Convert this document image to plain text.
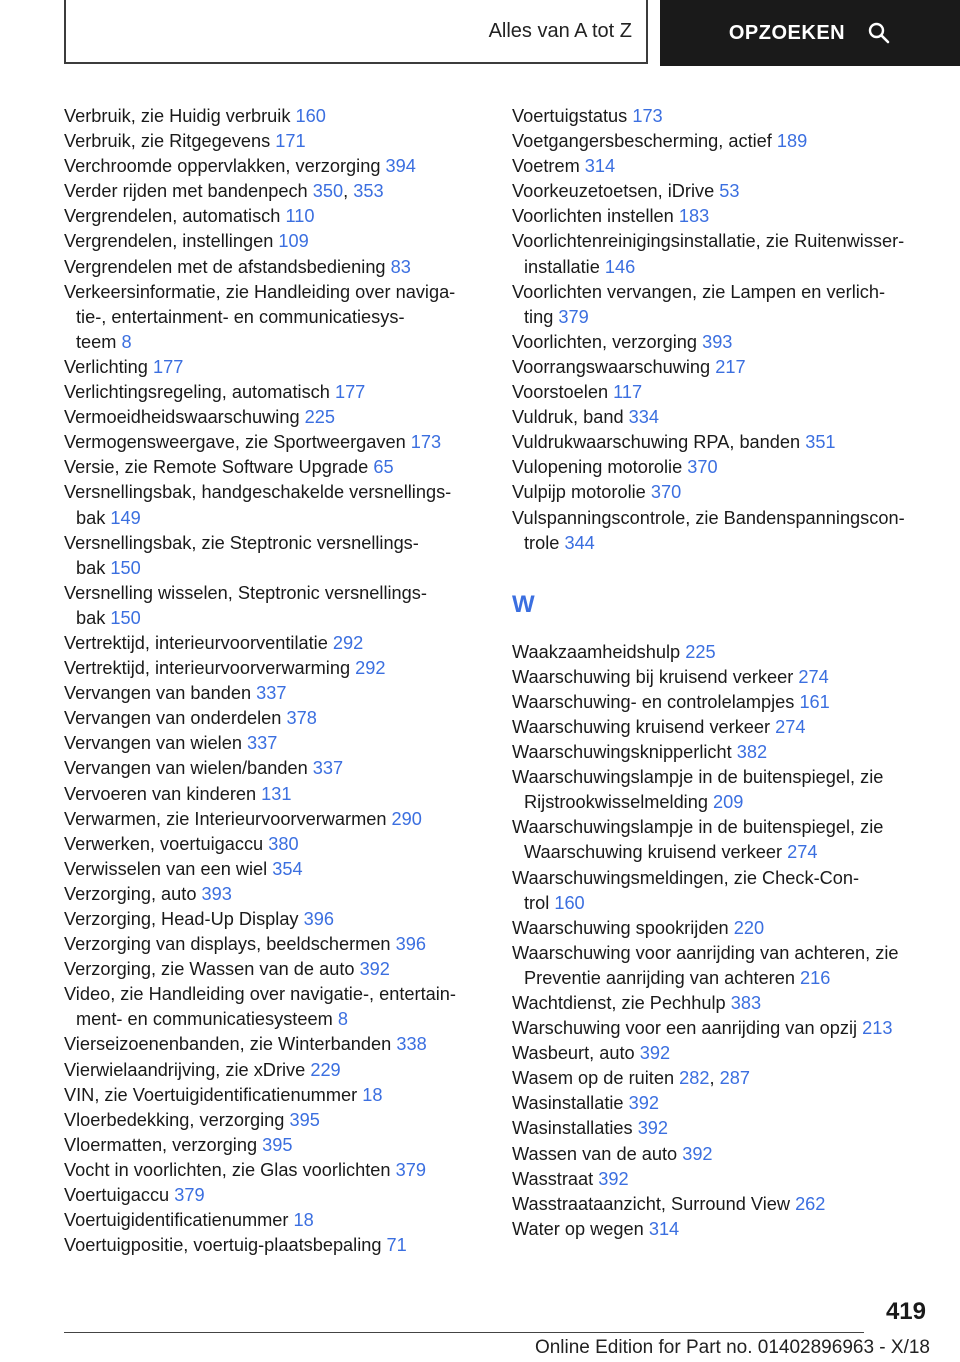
Alles van A tot Z	OPZOEKEN
Verbruik, zie Huidig verbruik 160
Verbruik, zie Ritgegevens 171
Verchroomde oppervlakken, verzorging 394
Verder rijden met bandenpech 350, 353
Vergrendelen, automatisch 110
Vergrendelen, instellingen 109
Vergrendelen met de afstandsbediening 83
Verkeersinformatie, zie Handleiding over naviga-
tie-, entertainment- en communicatiesys-
teem 8
Verlichting 177
Verlichtingsregeling, automatisch 177
Vermoeidheidswaarschuwing 225
Vermogensweergave, zie Sportweergaven 173
Versie, zie Remote Software Upgrade 65
Versnellingsbak, handgeschakelde versnellings-
bak 149
Versnellingsbak, zie Steptronic versnellings-
bak 150
Versnelling wisselen, Steptronic versnellings-
bak 150
Vertrektijd, interieurvoorventilatie 292
Vertrektijd, interieurvoorverwarming 292
Vervangen van banden 337
Vervangen van onderdelen 378
Vervangen van wielen 337
Vervangen van wielen/banden 337
Vervoeren van kinderen 131
Verwarmen, zie Interieurvoorverwarmen 290
Verwerken, voertuigaccu 380
Verwisselen van een wiel 354
Verzorging, auto 393
Verzorging, Head-Up Display 396
Verzorging van displays, beeldschermen 396
Verzorging, zie Wassen van de auto 392
Video, zie Handleiding over navigatie-, entertain-
ment- en communicatiesysteem 8
Vierseizoenenbanden, zie Winterbanden 338
Vierwielaandrijving, zie xDrive 229
VIN, zie Voertuigidentificatienummer 18
Vloerbedekking, verzorging 395
Vloermatten, verzorging 395
Vocht in voorlichten, zie Glas voorlichten 379
Voertuigaccu 379
Voertuigidentificatienummer 18
Voertuigpositie, voertuig-plaatsbepaling 71
Voertuigstatus 173
Voetgangersbescherming, actief 189
Voetrem 314
Voorkeuzetoetsen, iDrive 53
Voorlichten instellen 183
Voorlichtenreinigingsinstallatie, zie Ruitenwisser-
installatie 146
Voorlichten vervangen, zie Lampen en verlich-
ting 379
Voorlichten, verzorging 393
Voorrangswaarschuwing 217
Voorstoelen 117
Vuldruk, band 334
Vuldrukwaarschuwing RPA, banden 351
Vulopening motorolie 370
Vulpijp motorolie 370
Vulspanningscontrole, zie Bandenspanningscon-
trole 344
W
Waakzaamheidshulp 225
Waarschuwing bij kruisend verkeer 274
Waarschuwing- en controlelampjes 161
Waarschuwing kruisend verkeer 274
Waarschuwingsknipperlicht 382
Waarschuwingslampje in de buitenspiegel, zie
Rijstrookwisselmelding 209
Waarschuwingslampje in de buitenspiegel, zie
Waarschuwing kruisend verkeer 274
Waarschuwingsmeldingen, zie Check-Con-
trol 160
Waarschuwing spookrijden 220
Waarschuwing voor aanrijding van achteren, zie
Preventie aanrijding van achteren 216
Wachtdienst, zie Pechhulp 383
Warschuwing voor een aanrijding van opzij 213
Wasbeurt, auto 392
Wasem op de ruiten 282, 287
Wasinstallatie 392
Wasinstallaties 392
Wassen van de auto 392
Wasstraat 392
Wasstraataanzicht, Surround View 262
Water op wegen 314
419
Online Edition for Part no. 01402896963 - X/18
